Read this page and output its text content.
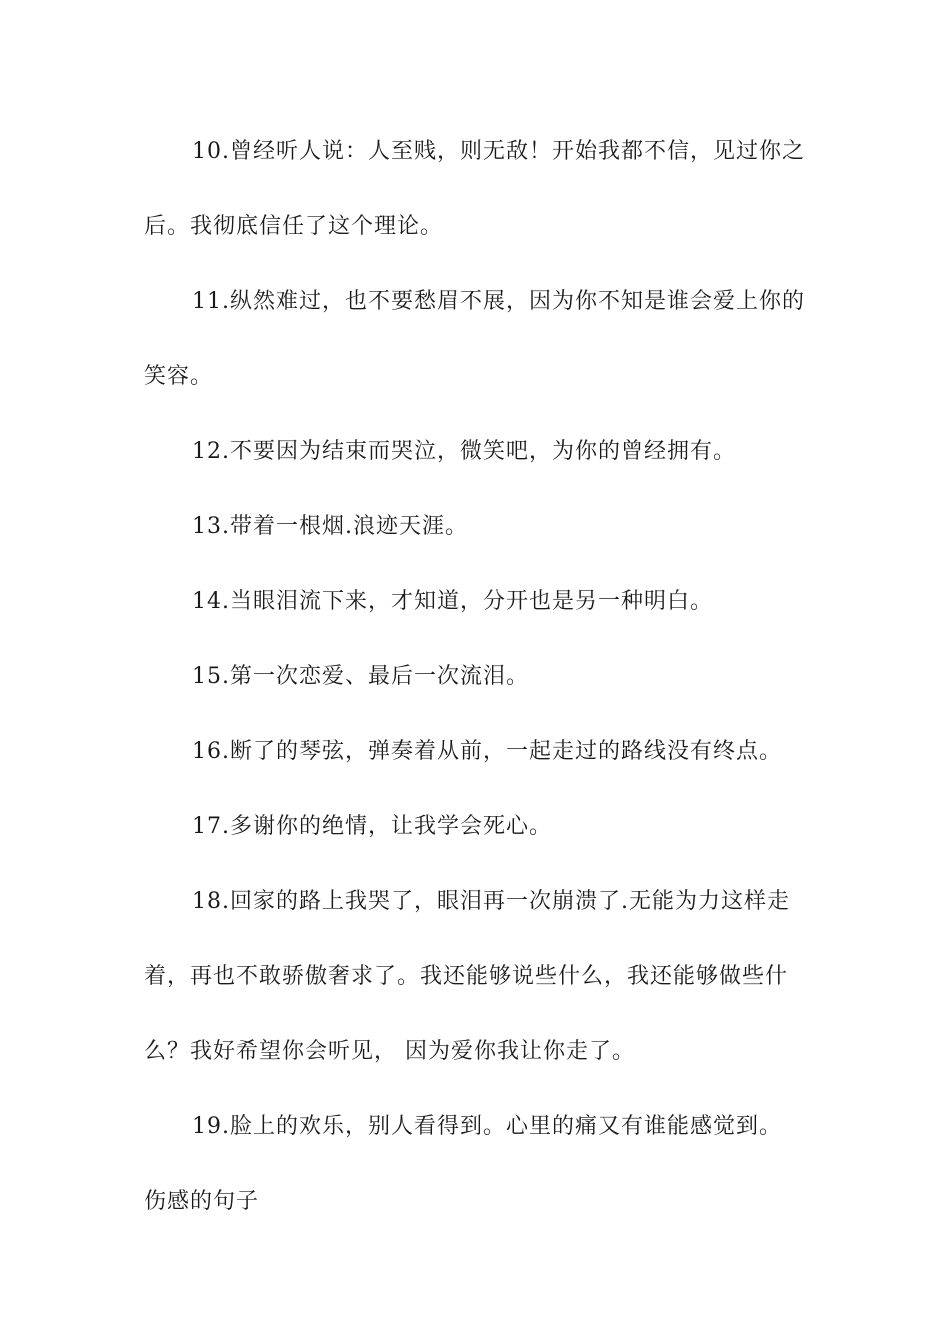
10.曾经听人说：人至贱，则无敌！开始我都不信，见过你之后。我彻底信任了这个理论。

11.纵然难过，也不要愁眉不展，因为你不知是谁会爱上你的笑容。

12.不要因为结束而哭泣，微笑吧，为你的曾经拥有。

13.带着一根烟.浪迹天涯。

14.当眼泪流下来，才知道，分开也是另一种明白。

15.第一次恋爱、最后一次流泪。

16.断了的琴弦，弹奏着从前，一起走过的路线没有终点。

17.多谢你的绝情，让我学会死心。

18.回家的路上我哭了，眼泪再一次崩溃了.无能为力这样走着，再也不敢骄傲奢求了。我还能够说些什么，我还能够做些什么？我好希望你会听见， 因为爱你我让你走了。

19.脸上的欢乐，别人看得到。心里的痛又有谁能感觉到。

伤感的句子
